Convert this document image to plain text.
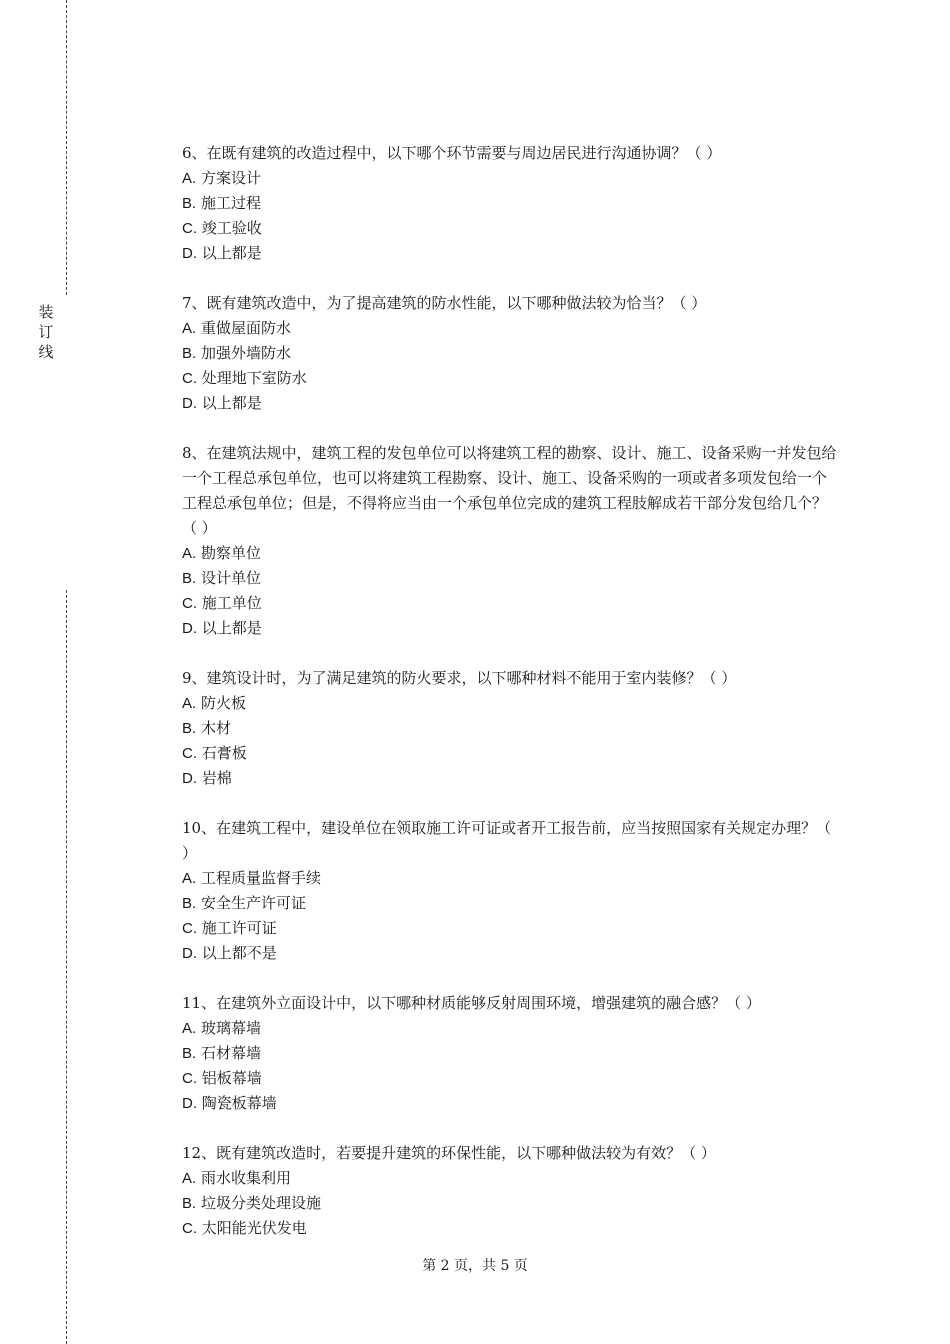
装
订
线
6、在既有建筑的改造过程中，以下哪个环节需要与周边居民进行沟通协调？（ ）
A. 方案设计
B. 施工过程
C. 竣工验收
D. 以上都是
7、既有建筑改造中，为了提高建筑的防水性能，以下哪种做法较为恰当？（ ）
A. 重做屋面防水
B. 加强外墙防水
C. 处理地下室防水
D. 以上都是
8、在建筑法规中，建筑工程的发包单位可以将建筑工程的勘察、设计、施工、设备采购一并发包给一个工程总承包单位，也可以将建筑工程勘察、设计、施工、设备采购的一项或者多项发包给一个工程总承包单位；但是，不得将应当由一个承包单位完成的建筑工程肢解成若干部分发包给几个？（ ）
A. 勘察单位
B. 设计单位
C. 施工单位
D. 以上都是
9、建筑设计时，为了满足建筑的防火要求，以下哪种材料不能用于室内装修？（ ）
A. 防火板
B. 木材
C. 石膏板
D. 岩棉
10、在建筑工程中，建设单位在领取施工许可证或者开工报告前，应当按照国家有关规定办理？（ ）
A. 工程质量监督手续
B. 安全生产许可证
C. 施工许可证
D. 以上都不是
11、在建筑外立面设计中，以下哪种材质能够反射周围环境，增强建筑的融合感？（ ）
A. 玻璃幕墙
B. 石材幕墙
C. 铝板幕墙
D. 陶瓷板幕墙
12、既有建筑改造时，若要提升建筑的环保性能，以下哪种做法较为有效？（ ）
A. 雨水收集利用
B. 垃圾分类处理设施
C. 太阳能光伏发电
第 2 页，共 5 页
